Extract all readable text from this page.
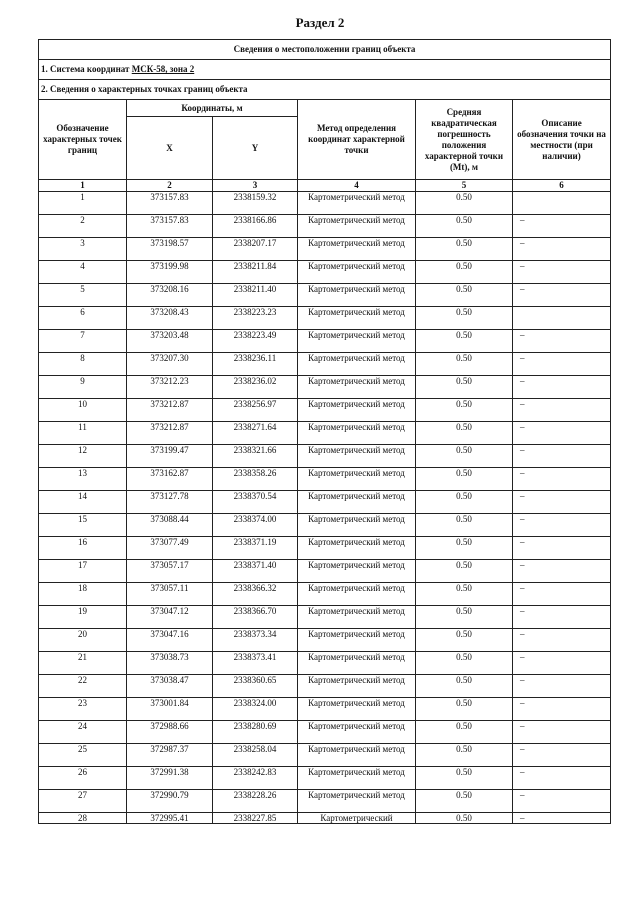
Раздел 2
Сведения о местоположении границ объекта					
1. Система координат МСК-58, зона 2					
2. Сведения о характерных точках границ объекта					
Обозначение характерных точек границ	Координаты, м		Метод определения координат характерной точки	Средняя квадратическая погрешность положения характерной точки (Mt), м	Описание обозначения точки на местности (при наличии)
	X	Y			
1	2	3	4	5	6
1	373157.83	2338159.32	Картометрический метод	0.50	
2	373157.83	2338166.86	Картометрический метод	0.50	–
3	373198.57	2338207.17	Картометрический метод	0.50	–
4	373199.98	2338211.84	Картометрический метод	0.50	–
5	373208.16	2338211.40	Картометрический метод	0.50	–
6	373208.43	2338223.23	Картометрический метод	0.50	
7	373203.48	2338223.49	Картометрический метод	0.50	–
8	373207.30	2338236.11	Картометрический метод	0.50	–
9	373212.23	2338236.02	Картометрический метод	0.50	–
10	373212.87	2338256.97	Картометрический метод	0.50	–
11	373212.87	2338271.64	Картометрический метод	0.50	–
12	373199.47	2338321.66	Картометрический метод	0.50	–
13	373162.87	2338358.26	Картометрический метод	0.50	–
14	373127.78	2338370.54	Картометрический метод	0.50	–
15	373088.44	2338374.00	Картометрический метод	0.50	–
16	373077.49	2338371.19	Картометрический метод	0.50	–
17	373057.17	2338371.40	Картометрический метод	0.50	–
18	373057.11	2338366.32	Картометрический метод	0.50	–
19	373047.12	2338366.70	Картометрический метод	0.50	–
20	373047.16	2338373.34	Картометрический метод	0.50	–
21	373038.73	2338373.41	Картометрический метод	0.50	–
22	373038.47	2338360.65	Картометрический метод	0.50	–
23	373001.84	2338324.00	Картометрический метод	0.50	–
24	372988.66	2338280.69	Картометрический метод	0.50	–
25	372987.37	2338258.04	Картометрический метод	0.50	–
26	372991.38	2338242.83	Картометрический метод	0.50	–
27	372990.79	2338228.26	Картометрический метод	0.50	–
28	372995.41	2338227.85	Картометрический	0.50	–
